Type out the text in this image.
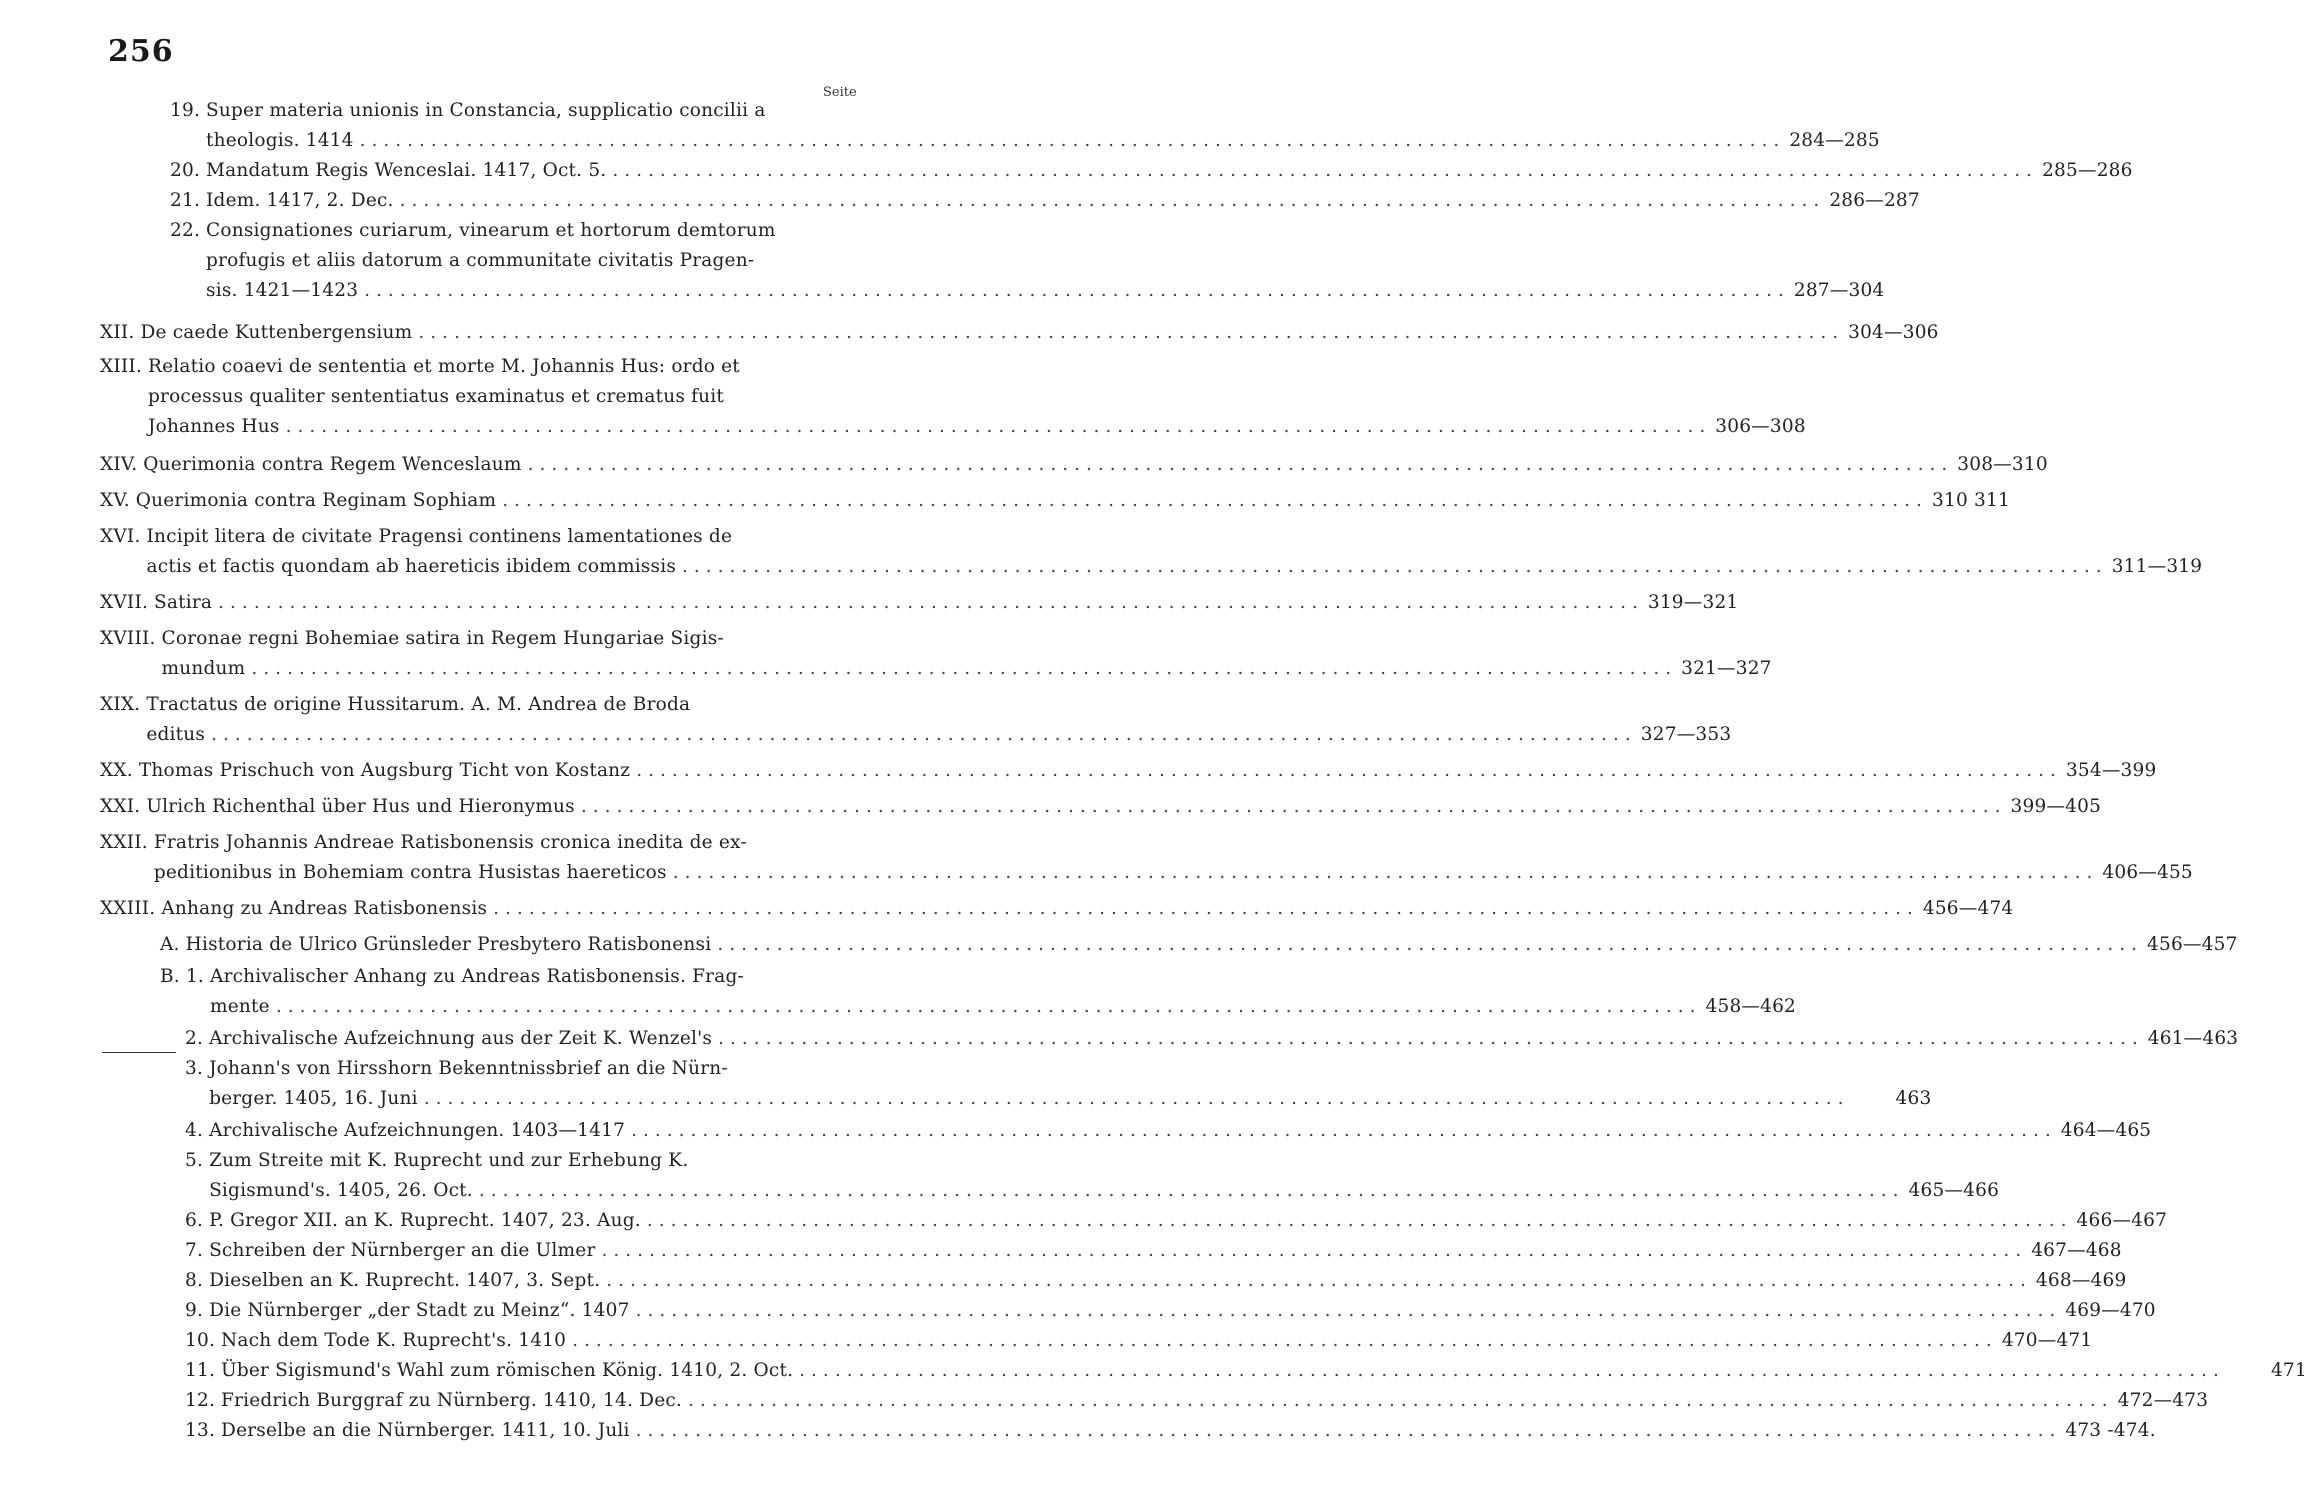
256
Seite
19. Super materia unionis in Constancia, supplicatio concilii a
theologis. 1414 ........................................................................................................................ 284—285
20. Mandatum Regis Wenceslai. 1417, Oct. 5. ........................................................................................................................ 285—286
21. Idem. 1417, 2. Dec. ........................................................................................................................ 286—287
22. Consignationes curiarum, vinearum et hortorum demtorum
profugis et aliis datorum a communitate civitatis Pragen-
sis. 1421—1423 ........................................................................................................................ 287—304
XII. De caede Kuttenbergensium ........................................................................................................................ 304—306
XIII. Relatio coaevi de sententia et morte M. Johannis Hus: ordo et
processus qualiter sententiatus examinatus et crematus fuit
Johannes Hus ........................................................................................................................ 306—308
XIV. Querimonia contra Regem Wenceslaum ........................................................................................................................ 308—310
XV. Querimonia contra Reginam Sophiam ........................................................................................................................ 310 311
XVI. Incipit litera de civitate Pragensi continens lamentationes de
actis et factis quondam ab haereticis ibidem commissis ........................................................................................................................ 311—319
XVII. Satira ........................................................................................................................ 319—321
XVIII. Coronae regni Bohemiae satira in Regem Hungariae Sigis-
mundum ........................................................................................................................ 321—327
XIX. Tractatus de origine Hussitarum. A. M. Andrea de Broda
editus ........................................................................................................................ 327—353
XX. Thomas Prischuch von Augsburg Ticht von Kostanz ........................................................................................................................ 354—399
XXI. Ulrich Richenthal über Hus und Hieronymus ........................................................................................................................ 399—405
XXII. Fratris Johannis Andreae Ratisbonensis cronica inedita de ex-
peditionibus in Bohemiam contra Husistas haereticos ........................................................................................................................ 406—455
XXIII. Anhang zu Andreas Ratisbonensis ........................................................................................................................ 456—474
A. Historia de Ulrico Grünsleder Presbytero Ratisbonensi ........................................................................................................................ 456—457
B. 1. Archivalischer Anhang zu Andreas Ratisbonensis. Frag-
mente ........................................................................................................................ 458—462
2. Archivalische Aufzeichnung aus der Zeit K. Wenzel's ........................................................................................................................ 461—463
3. Johann's von Hirsshorn Bekenntnissbrief an die Nürn-
berger. 1405, 16. Juni ........................................................................................................................	463
4. Archivalische Aufzeichnungen. 1403—1417 ........................................................................................................................ 464—465
5. Zum Streite mit K. Ruprecht und zur Erhebung K.
Sigismund's. 1405, 26. Oct. ........................................................................................................................ 465—466
6. P. Gregor XII. an K. Ruprecht. 1407, 23. Aug. ........................................................................................................................ 466—467
7. Schreiben der Nürnberger an die Ulmer ........................................................................................................................ 467—468
8. Dieselben an K. Ruprecht. 1407, 3. Sept. ........................................................................................................................ 468—469
9. Die Nürnberger „der Stadt zu Meinz“. 1407 ........................................................................................................................ 469—470
10. Nach dem Tode K. Ruprecht's. 1410 ........................................................................................................................ 470—471
11. Über Sigismund's Wahl zum römischen König. 1410, 2. Oct. ........................................................................................................................	471
12. Friedrich Burggraf zu Nürnberg. 1410, 14. Dec. ........................................................................................................................ 472—473
13. Derselbe an die Nürnberger. 1411, 10. Juli ........................................................................................................................ 473 -474.
